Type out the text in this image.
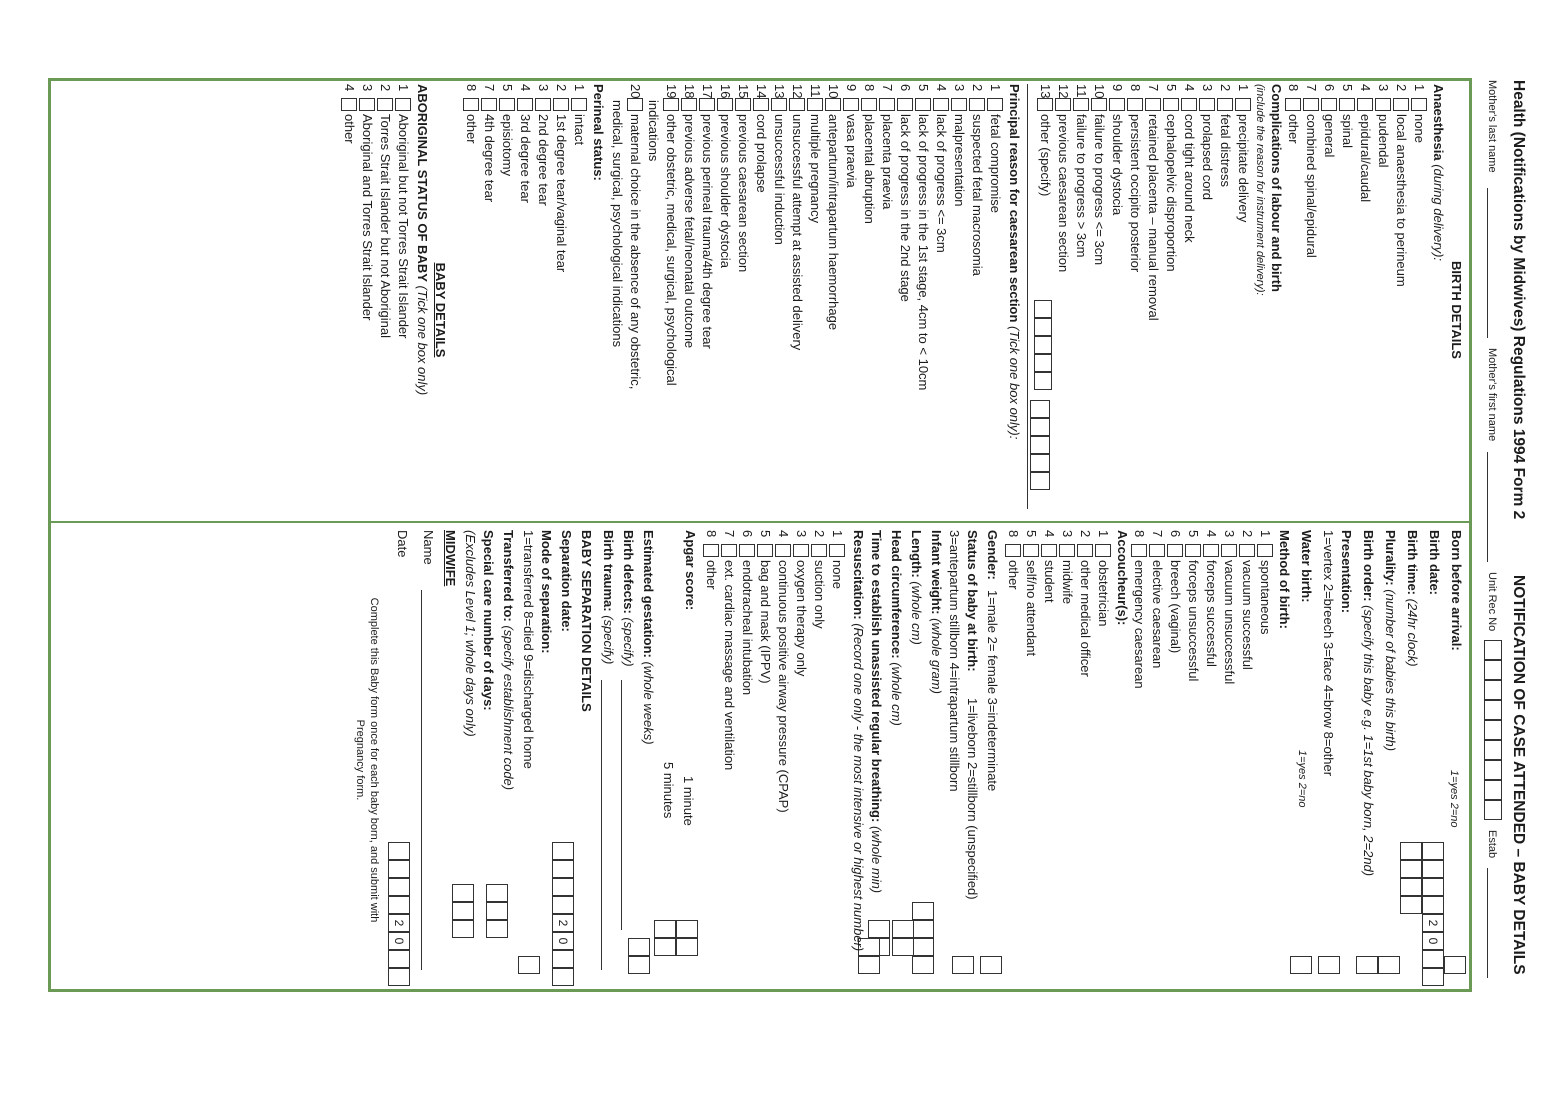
Health (Notifications by Midwives) Regulations 1994 Form 2
NOTIFICATION OF CASE ATTENDED – BABY DETAILS
Mother's last name
Mother's first name
Unit Rec No
Estab
BIRTH DETAILS
Anaesthesia (during delivery):
1
none
2
local anaesthesia to perineum
3
pudendal
4
epidural/caudal
5
spinal
6
general
7
combined spinal/epidural
8
other
Complications of labour and birth
(include the reason for instrument delivery):
1
precipitate delivery
2
fetal distress
3
prolapsed cord
4
cord tight around neck
5
cephalopelvic disproportion
7
retained placenta – manual removal
8
persistent occipito posterior
9
shoulder dystocia
10
failure to progress <= 3cm
11
failure to progress > 3cm
12
previous caesarean section
13
other (specify)
Principal reason for caesarean section (Tick one box only):
1
fetal compromise
2
suspected fetal macrosomia
3
malpresentation
4
lack of progress <= 3cm
5
lack of progress in the 1st stage, 4cm to < 10cm
6
lack of progress in the 2nd stage
7
placenta praevia
8
placental abruption
9
vasa praevia
10
antepartum/intrapartum haemorrhage
11
multiple pregnancy
12
unsuccessful attempt at assisted delivery
13
unsuccessful induction
14
cord prolapse
15
previous caesarean section
16
previous shoulder dystocia
17
previous perineal trauma/4th degree tear
18
previous adverse fetal/neonatal outcome
19
other obstetric, medical, surgical, psychological
indications
20
maternal choice in the absence of any obstetric,
medical, surgical, psychological indications
Perineal status:
1
intact
2
1st degree tear/vaginal tear
3
2nd degree tear
4
3rd degree tear
5
episiotomy
7
4th degree tear
8
other
BABY DETAILS
ABORIGINAL STATUS OF BABY (Tick one box only)
1
Aboriginal but not Torres Strait Islander
2
Torres Strait Islander but not Aboriginal
3
Aboriginal and Torres Strait Islander
4
other
Born before arrival:
1=yes 2=no
Birth date:
2
0
Birth time: (24hr clock)
Plurality: (number of babies this birth)
Birth order: (specify this baby e.g. 1=1st baby born, 2=2nd)
Presentation:
1=vertex 2=breech 3=face 4=brow 8=other
Water birth:
1=yes 2=no
Method of birth:
1
spontaneous
2
vacuum successful
3
vacuum unsuccessful
4
forceps successful
5
forceps unsuccessful
6
breech (vaginal)
7
elective caesarean
8
emergency caesarean
Accoucheur(s):
1
obstetrician
2
other medical officer
3
midwife
4
student
5
self/no attendant
8
other
Gender:
1=male 2= female 3=indeterminate
Status of baby at birth:
1=liveborn 2=stillborn (unspecified)
3=antepartum stillborn 4=intrapartum stillborn
Infant weight: (whole gram)
Length: (whole cm)
Head circumference: (whole cm)
Time to establish unassisted regular breathing: (whole min)
Resuscitation: (Record one only - the most intensive or highest number)
1
none
2
suction only
3
oxygen therapy only
4
continuous positive airway pressure (CPAP)
5
bag and mask (IPPV)
6
endotracheal intubation
7
ext. cardiac massage and ventilation
8
other
Apgar score:
1 minute
5 minutes
Estimated gestation: (whole weeks)
Birth defects: (specify)
Birth trauma: (specify)
BABY SEPARATION DETAILS
Separation date:
2
0
Mode of separation:
1=transferred 8=died 9=discharged home
Transferred to: (specify establishment code)
Special care number of days:
(Excludes Level 1; whole days only)
MIDWIFE
Name
Date
2
0
Complete this Baby form once for each baby born, and submit with
Pregnancy form.
